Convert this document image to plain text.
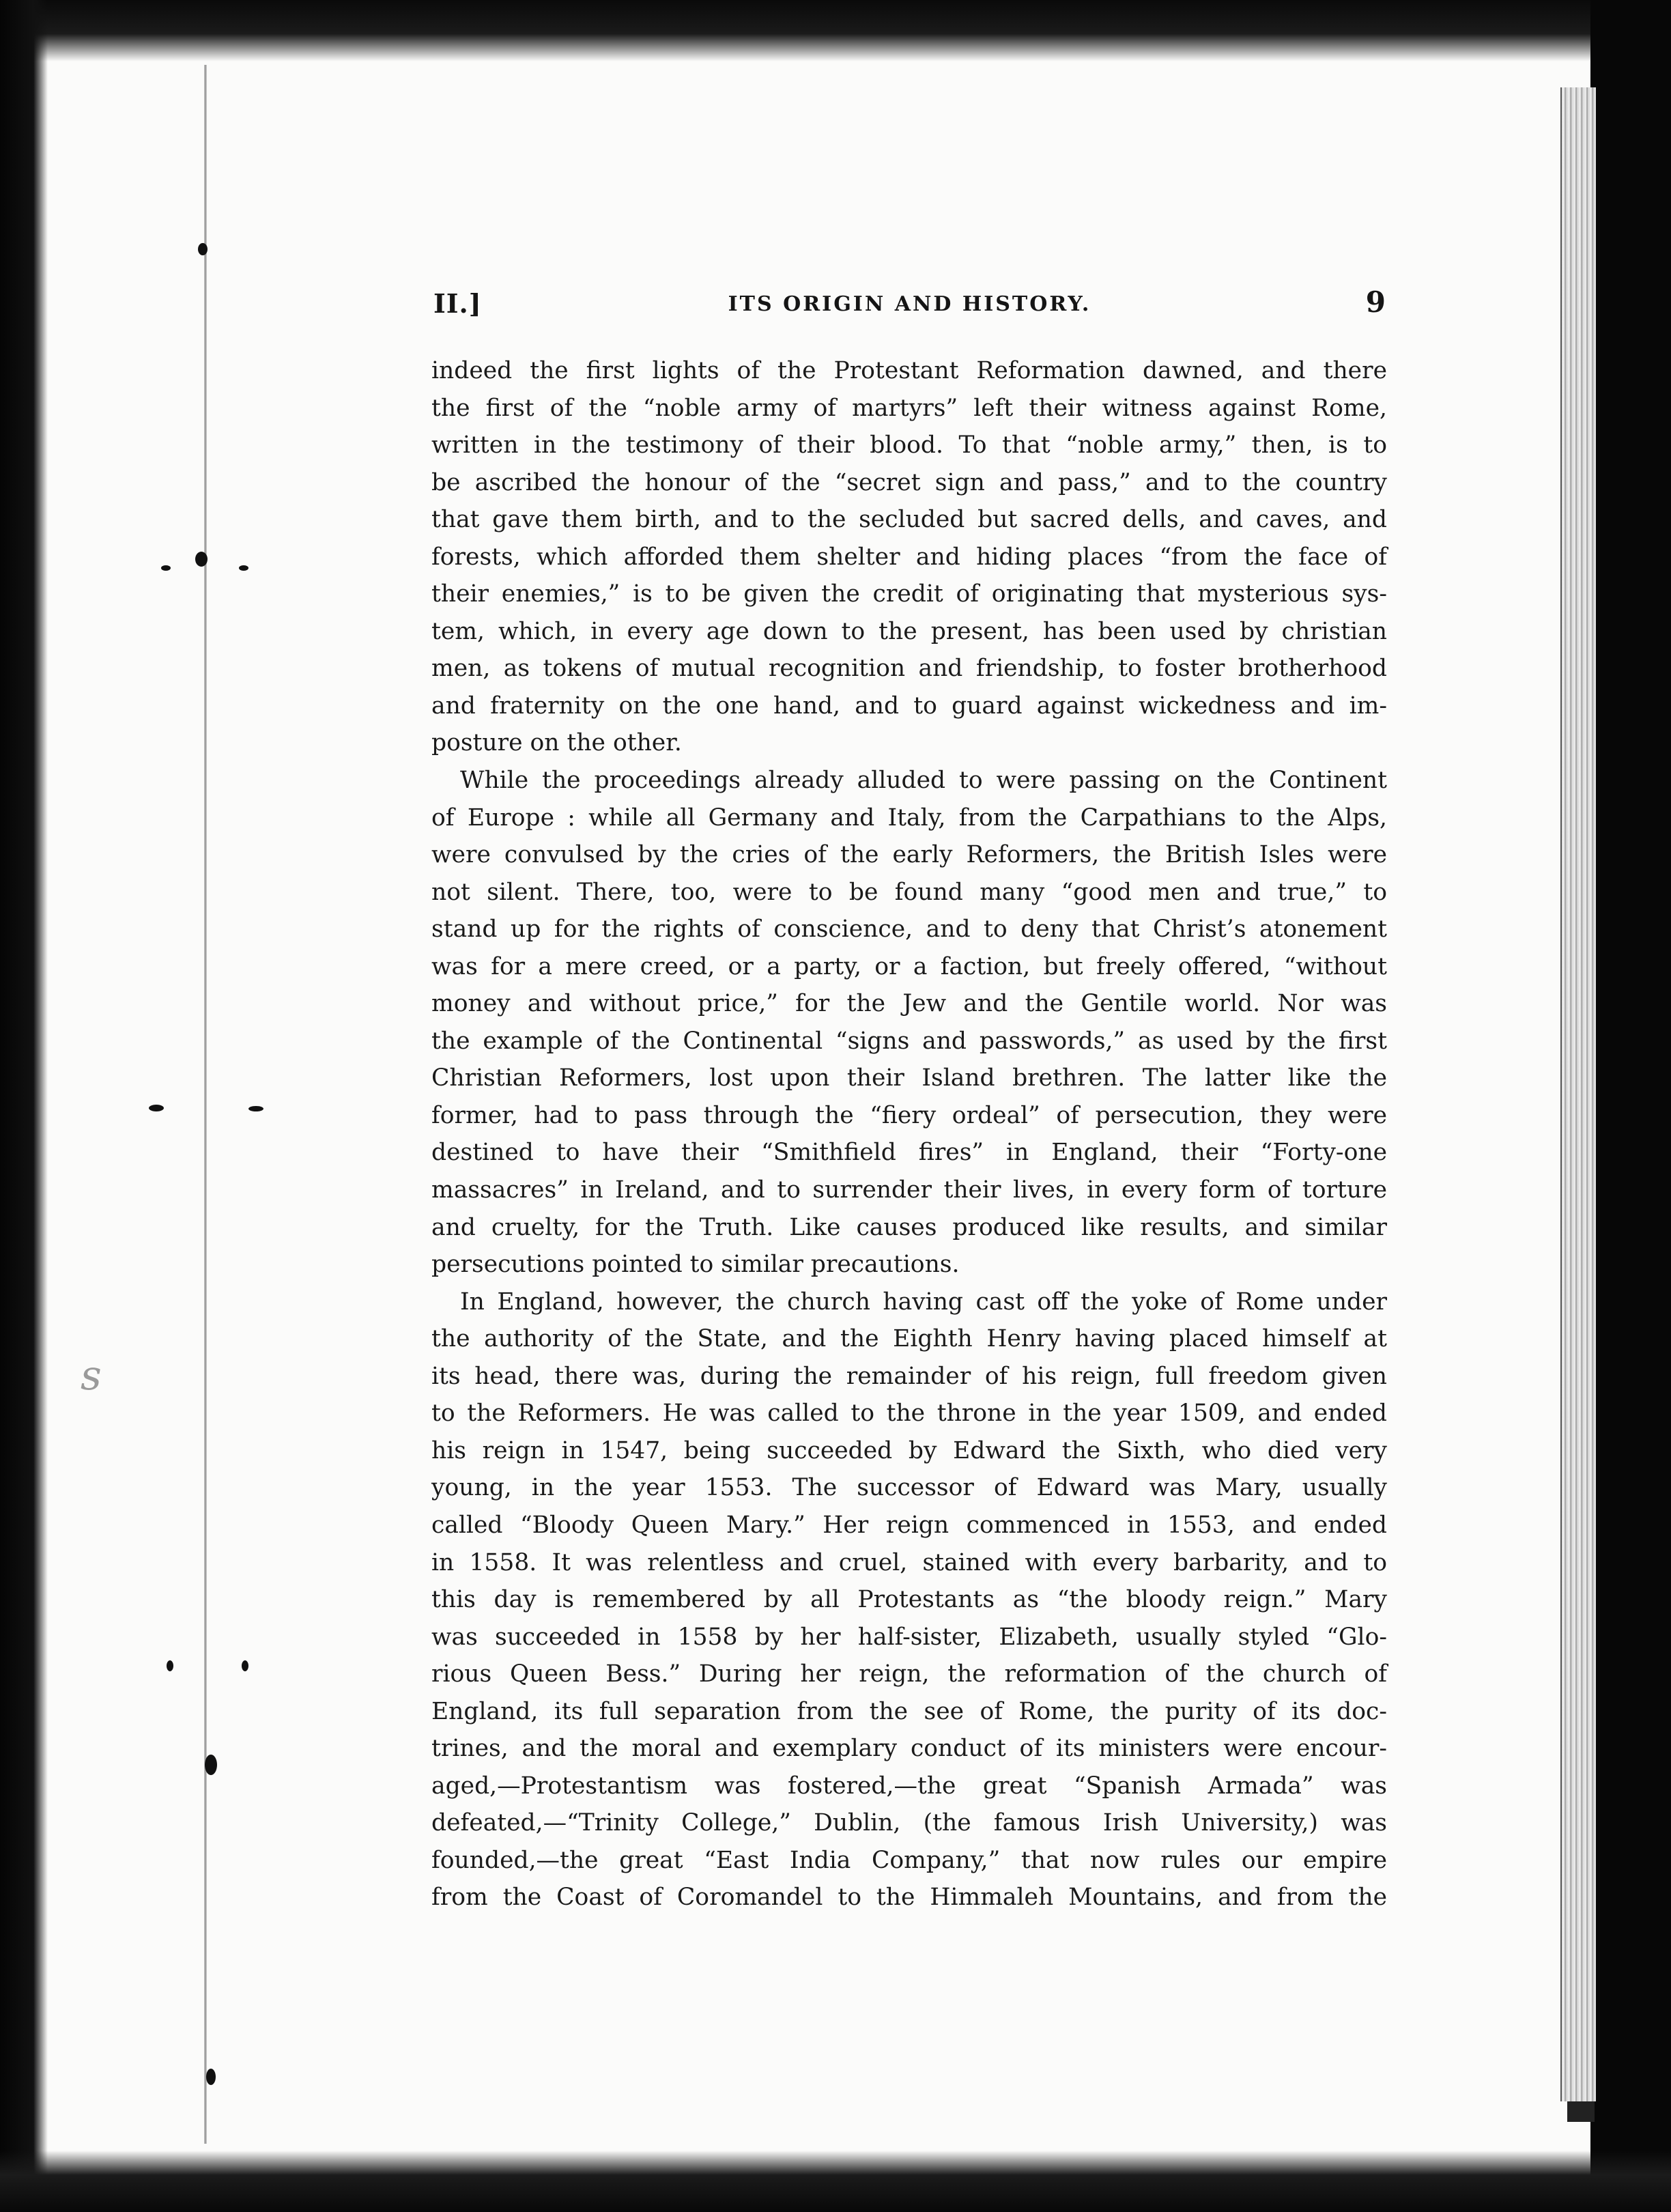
s
II.]	ITS ORIGIN AND HISTORY.	9
indeed the first lights of the Protestant Reformation dawned, and there
the first of the “noble army of martyrs” left their witness against Rome,
written in the testimony of their blood. To that “noble army,” then, is to
be ascribed the honour of the “secret sign and pass,” and to the country
that gave them birth, and to the secluded but sacred dells, and caves, and
forests, which afforded them shelter and hiding places “from the face of
their enemies,” is to be given the credit of originating that mysterious sys-
tem, which, in every age down to the present, has been used by christian
men, as tokens of mutual recognition and friendship, to foster brotherhood
and fraternity on the one hand, and to guard against wickedness and im-
posture on the other.
While the proceedings already alluded to were passing on the Continent
of Europe : while all Germany and Italy, from the Carpathians to the Alps,
were convulsed by the cries of the early Reformers, the British Isles were
not silent. There, too, were to be found many “good men and true,” to
stand up for the rights of conscience, and to deny that Christ’s atonement
was for a mere creed, or a party, or a faction, but freely offered, “without
money and without price,” for the Jew and the Gentile world. Nor was
the example of the Continental “signs and passwords,” as used by the first
Christian Reformers, lost upon their Island brethren. The latter like the
former, had to pass through the “fiery ordeal” of persecution, they were
destined to have their “Smithfield fires” in England, their “Forty-one
massacres” in Ireland, and to surrender their lives, in every form of torture
and cruelty, for the Truth. Like causes produced like results, and similar
persecutions pointed to similar precautions.
In England, however, the church having cast off the yoke of Rome under
the authority of the State, and the Eighth Henry having placed himself at
its head, there was, during the remainder of his reign, full freedom given
to the Reformers. He was called to the throne in the year 1509, and ended
his reign in 1547, being succeeded by Edward the Sixth, who died very
young, in the year 1553. The successor of Edward was Mary, usually
called “Bloody Queen Mary.” Her reign commenced in 1553, and ended
in 1558. It was relentless and cruel, stained with every barbarity, and to
this day is remembered by all Protestants as “the bloody reign.” Mary
was succeeded in 1558 by her half-sister, Elizabeth, usually styled “Glo-
rious Queen Bess.” During her reign, the reformation of the church of
England, its full separation from the see of Rome, the purity of its doc-
trines, and the moral and exemplary conduct of its ministers were encour-
aged,—Protestantism was fostered,—the great “Spanish Armada” was
defeated,—“Trinity College,” Dublin, (the famous Irish University,) was
founded,—the great “East India Company,” that now rules our empire
from the Coast of Coromandel to the Himmaleh Mountains, and from the
